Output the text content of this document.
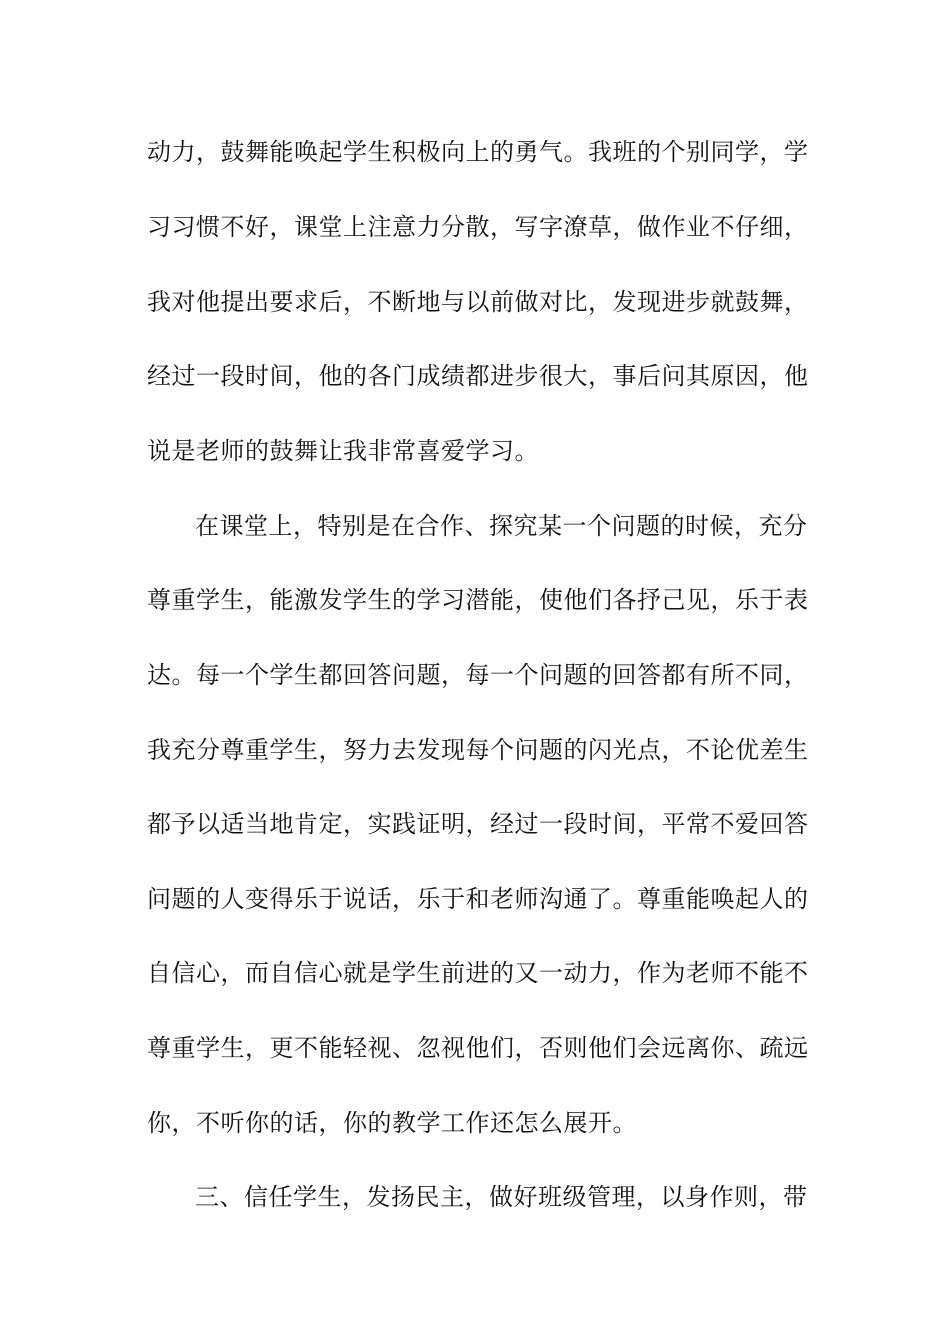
动力，鼓舞能唤起学生积极向上的勇气。我班的个别同学，学
习习惯不好，课堂上注意力分散，写字潦草，做作业不仔细，
我对他提出要求后，不断地与以前做对比，发现进步就鼓舞，
经过一段时间，他的各门成绩都进步很大，事后问其原因，他
说是老师的鼓舞让我非常喜爱学习。
在课堂上，特别是在合作、探究某一个问题的时候，充分
尊重学生，能激发学生的学习潜能，使他们各抒己见，乐于表
达。每一个学生都回答问题，每一个问题的回答都有所不同，
我充分尊重学生，努力去发现每个问题的闪光点，不论优差生
都予以适当地肯定，实践证明，经过一段时间，平常不爱回答
问题的人变得乐于说话，乐于和老师沟通了。尊重能唤起人的
自信心，而自信心就是学生前进的又一动力，作为老师不能不
尊重学生，更不能轻视、忽视他们，否则他们会远离你、疏远
你，不听你的话，你的教学工作还怎么展开。
三、信任学生，发扬民主，做好班级管理，以身作则，带
